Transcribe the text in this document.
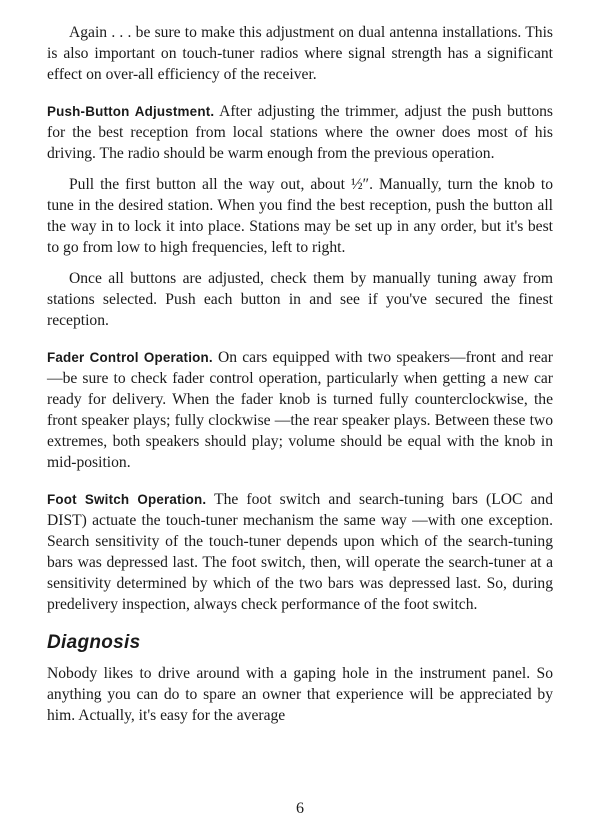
Again . . . be sure to make this adjustment on dual antenna installations. This is also important on touch-tuner radios where signal strength has a significant effect on over-all efficiency of the receiver.

Push-Button Adjustment. After adjusting the trimmer, adjust the push buttons for the best reception from local stations where the owner does most of his driving. The radio should be warm enough from the previous operation.

Pull the first button all the way out, about ½″. Manually, turn the knob to tune in the desired station. When you find the best reception, push the button all the way in to lock it into place. Stations may be set up in any order, but it's best to go from low to high frequencies, left to right.

Once all buttons are adjusted, check them by manually tuning away from stations selected. Push each button in and see if you've secured the finest reception.

Fader Control Operation. On cars equipped with two speakers—front and rear—be sure to check fader control operation, particularly when getting a new car ready for delivery. When the fader knob is turned fully counterclockwise, the front speaker plays; fully clockwise —the rear speaker plays. Between these two extremes, both speakers should play; volume should be equal with the knob in mid-position.

Foot Switch Operation. The foot switch and search-tuning bars (LOC and DIST) actuate the touch-tuner mechanism the same way —with one exception. Search sensitivity of the touch-tuner depends upon which of the search-tuning bars was depressed last. The foot switch, then, will operate the search-tuner at a sensitivity determined by which of the two bars was depressed last. So, during predelivery inspection, always check performance of the foot switch.

Diagnosis

Nobody likes to drive around with a gaping hole in the instrument panel. So anything you can do to spare an owner that experience will be appreciated by him. Actually, it's easy for the average

6
